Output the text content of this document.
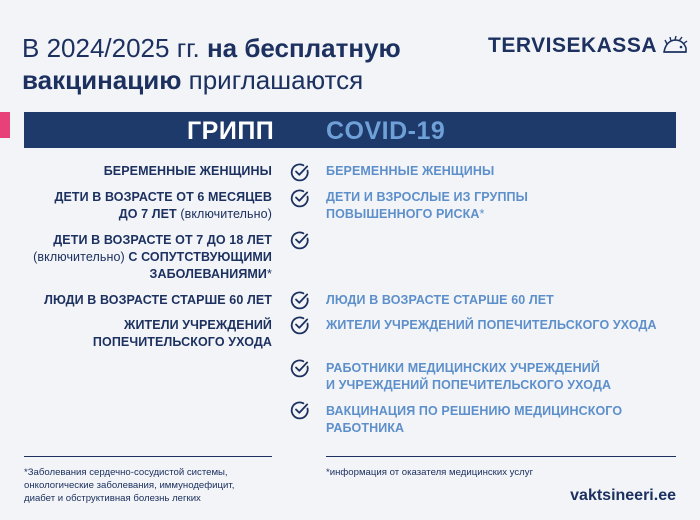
В 2024/2025 гг. на бесплатную
вакцинацию приглашаются
TERVISEKASSA
ГРИПП COVID-19
БЕРЕМЕННЫЕ ЖЕНЩИНЫ
ДЕТИ В ВОЗРАСТЕ ОТ 6 МЕСЯЦЕВ
ДО 7 ЛЕТ (включительно)
ДЕТИ В ВОЗРАСТЕ ОТ 7 ДО 18 ЛЕТ
(включительно) С СОПУТСТВУЮЩИМИ
ЗАБОЛЕВАНИЯМИ*
ЛЮДИ В ВОЗРАСТЕ СТАРШЕ 60 ЛЕТ
ЖИТЕЛИ УЧРЕЖДЕНИЙ
ПОПЕЧИТЕЛЬСКОГО УХОДА
БЕРЕМЕННЫЕ ЖЕНЩИНЫ
ДЕТИ И ВЗРОСЛЫЕ ИЗ ГРУППЫ
ПОВЫШЕННОГО РИСКА*
ЛЮДИ В ВОЗРАСТЕ СТАРШЕ 60 ЛЕТ
ЖИТЕЛИ УЧРЕЖДЕНИЙ ПОПЕЧИТЕЛЬСКОГО УХОДА
РАБОТНИКИ МЕДИЦИНСКИХ УЧРЕЖДЕНИЙ
И УЧРЕЖДЕНИЙ ПОПЕЧИТЕЛЬСКОГО УХОДА
ВАКЦИНАЦИЯ ПО РЕШЕНИЮ МЕДИЦИНСКОГО
РАБОТНИКА
*Заболевания сердечно-сосудистой системы,
онкологические заболевания, иммунодефицит,
диабет и обструктивная болезнь легких
*информация от оказателя медицинских услуг
vaktsineeri.ee
